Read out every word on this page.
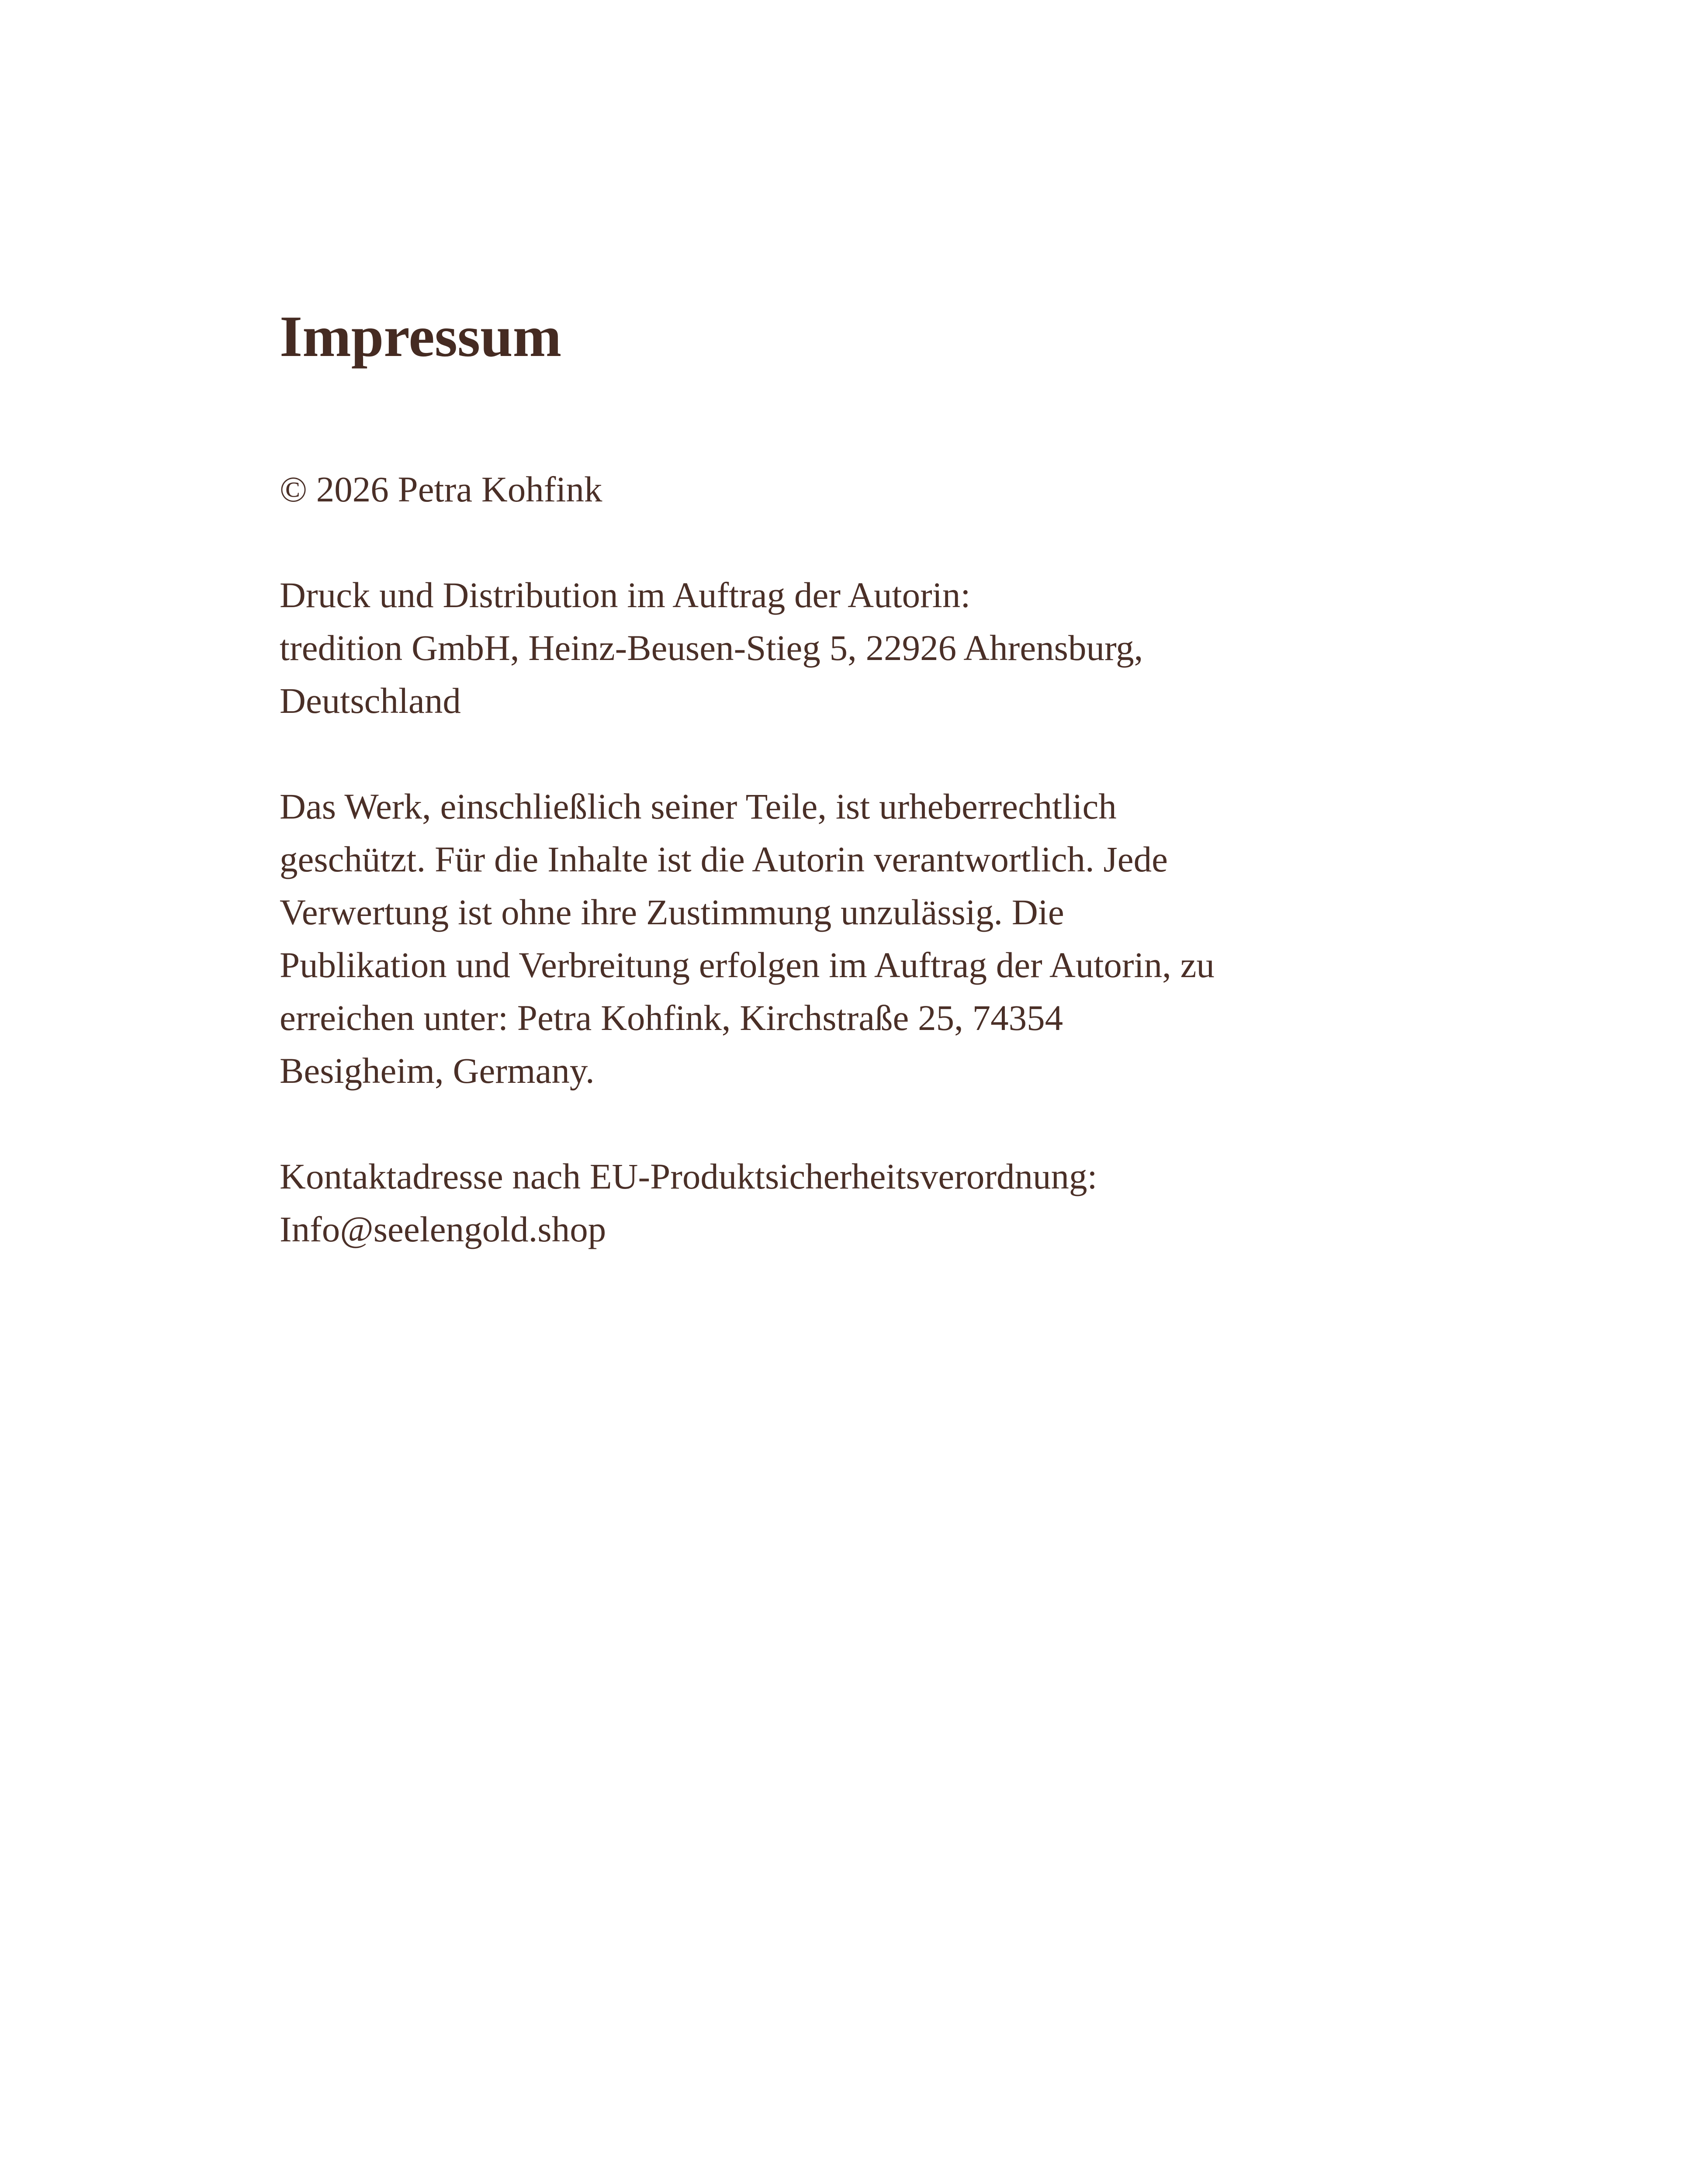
Impressum

© 2026 Petra Kohfink

Druck und Distribution im Auftrag der Autorin:
tredition GmbH, Heinz-Beusen-Stieg 5, 22926 Ahrensburg,
Deutschland

Das Werk, einschließlich seiner Teile, ist urheberrechtlich
geschützt. Für die Inhalte ist die Autorin verantwortlich. Jede
Verwertung ist ohne ihre Zustimmung unzulässig. Die
Publikation und Verbreitung erfolgen im Auftrag der Autorin, zu
erreichen unter: Petra Kohfink, Kirchstraße 25, 74354
Besigheim, Germany.

Kontaktadresse nach EU-Produktsicherheitsverordnung:
Info@seelengold.shop
